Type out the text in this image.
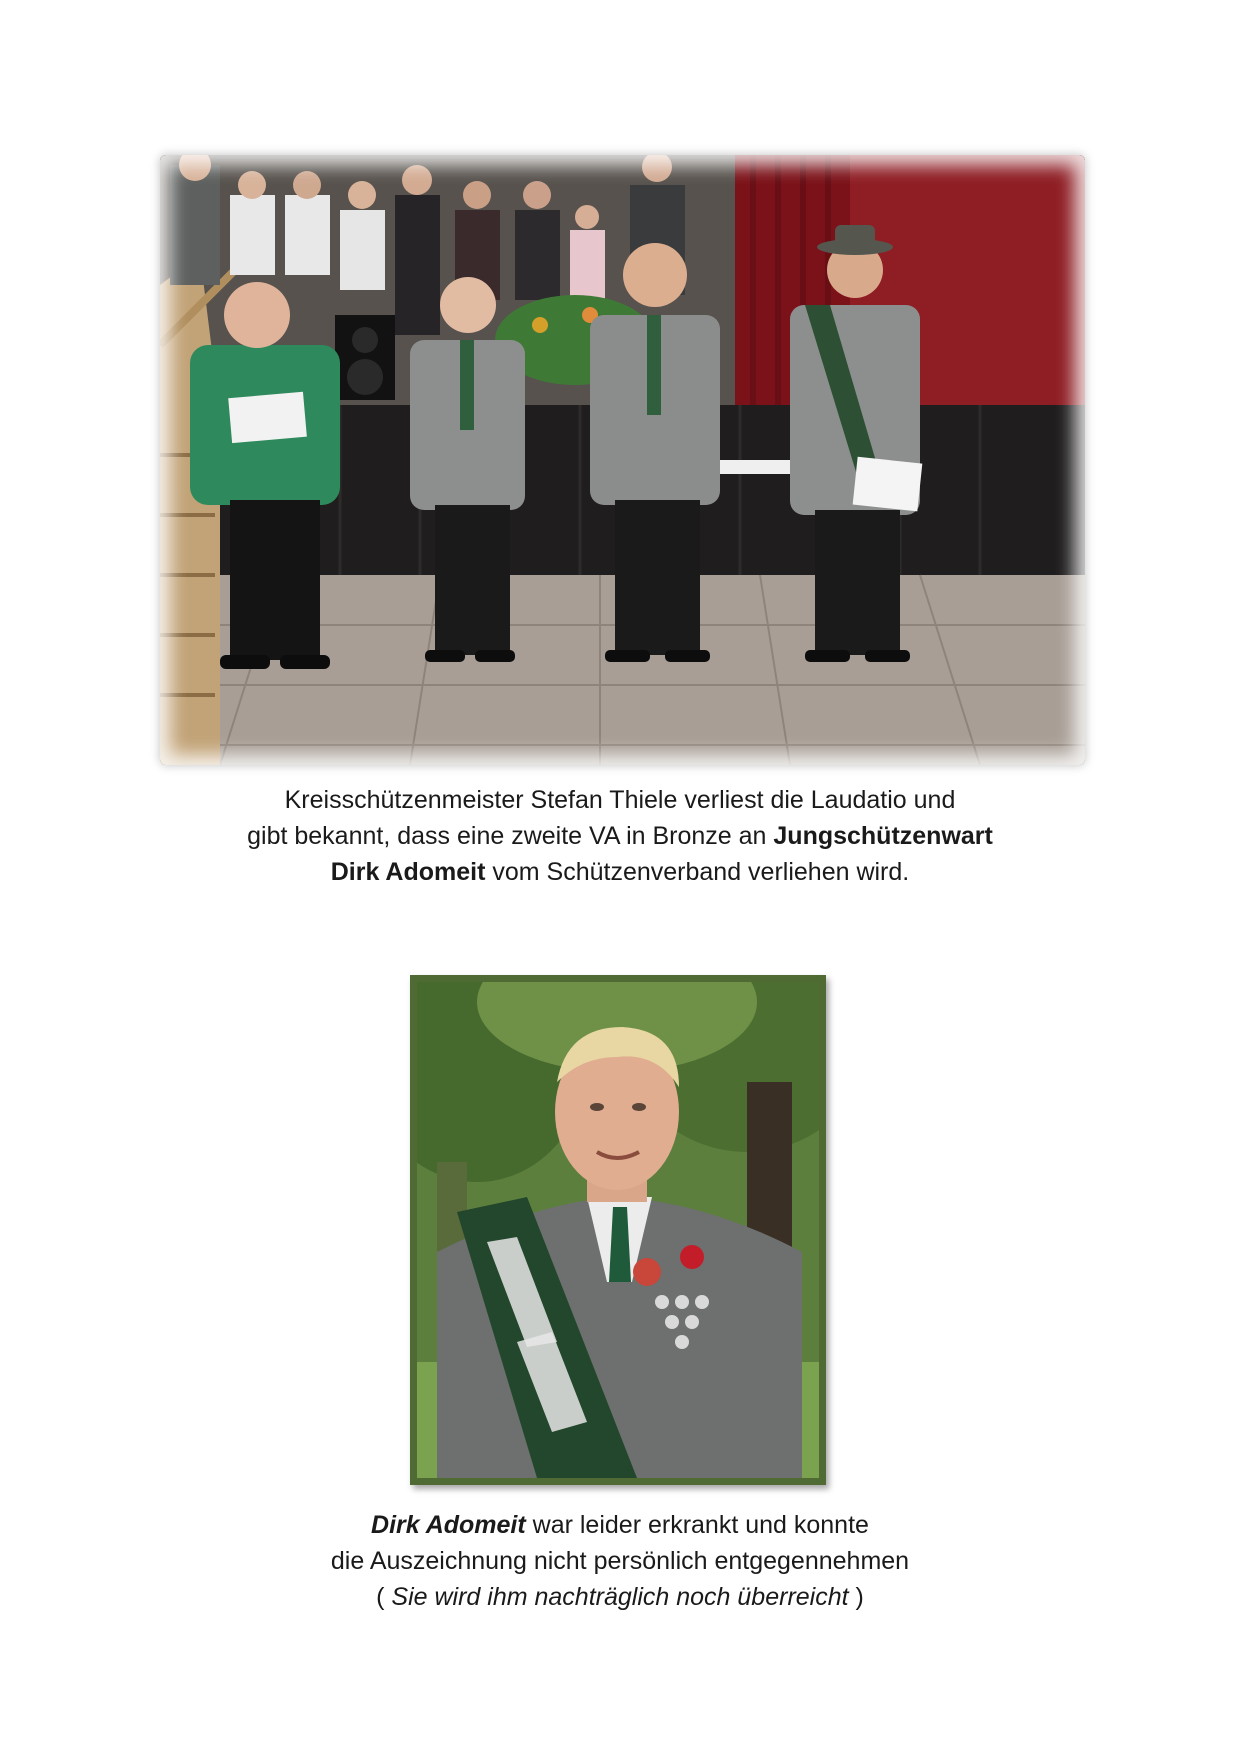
Kreisschützenmeister Stefan Thiele verliest die Laudatio und
gibt bekannt, dass eine zweite VA in Bronze an Jungschützenwart
Dirk Adomeit vom Schützenverband verliehen wird.
Dirk Adomeit war leider erkrankt und konnte
die Auszeichnung nicht persönlich entgegennehmen
( Sie wird ihm nachträglich noch überreicht )
